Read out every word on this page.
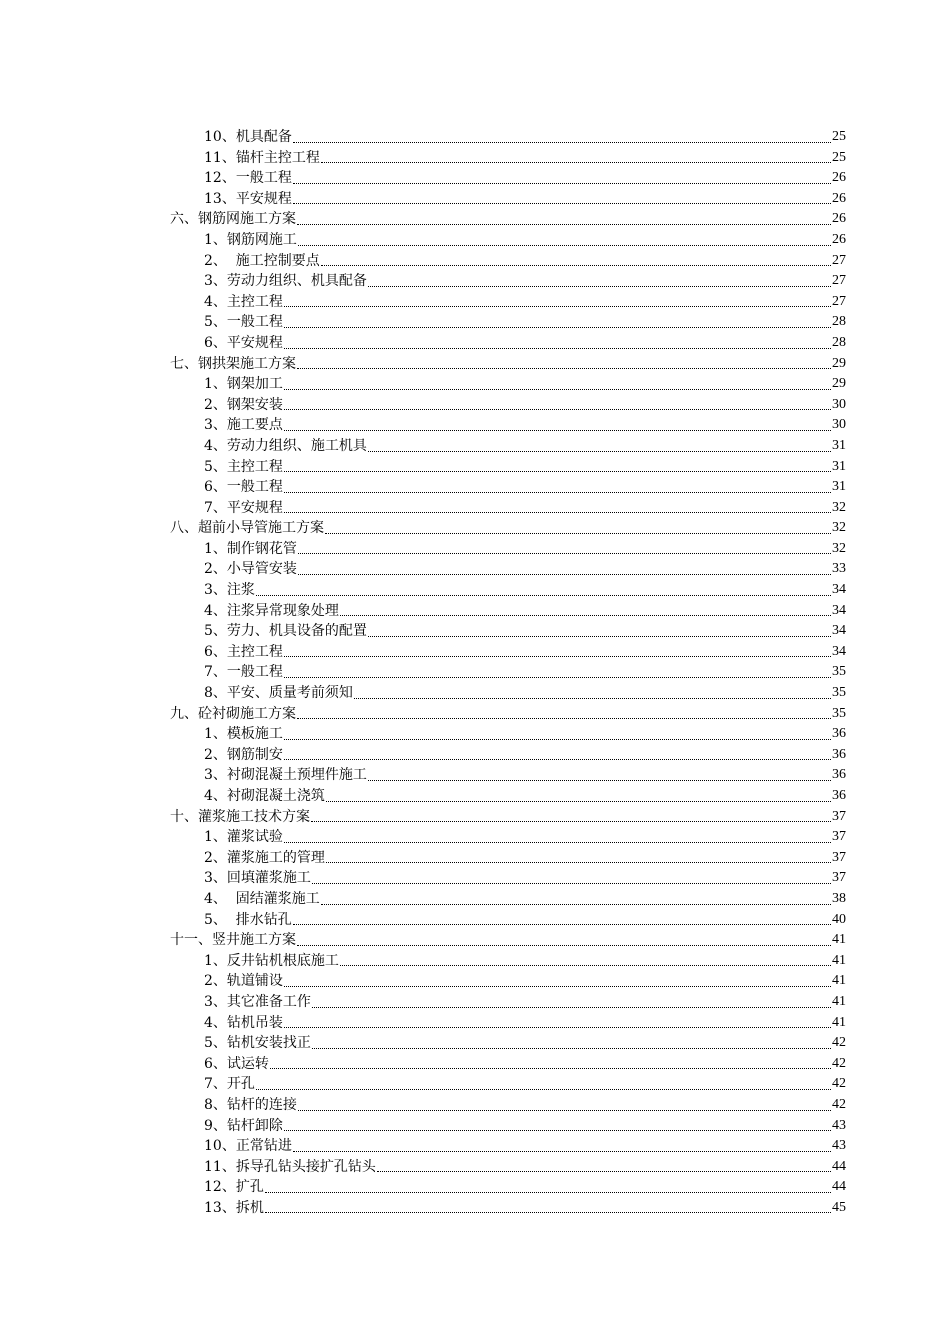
10、机具配备	25
11、锚杆主控工程	25
12、一般工程	26
13、平安规程	26
六、钢筋网施工方案	26
1、钢筋网施工	26
2、  施工控制要点	27
3、劳动力组织、机具配备	27
4、主控工程	27
5、一般工程	28
6、平安规程	28
七、钢拱架施工方案	29
1、钢架加工	29
2、钢架安装	30
3、施工要点	30
4、劳动力组织、施工机具	31
5、主控工程	31
6、一般工程	31
7、平安规程	32
八、超前小导管施工方案	32
1、制作钢花管	32
2、小导管安装	33
3、注浆	34
4、注浆异常现象处理	34
5、劳力、机具设备的配置	34
6、主控工程	34
7、一般工程	35
8、平安、质量考前须知	35
九、砼衬砌施工方案	35
1、模板施工	36
2、钢筋制安	36
3、衬砌混凝土预埋件施工	36
4、衬砌混凝土浇筑	36
十、灌浆施工技术方案	37
1、灌浆试验	37
2、灌浆施工的管理	37
3、回填灌浆施工	37
4、  固结灌浆施工	38
5、  排水钻孔	40
十一、竖井施工方案	41
1、反井钻机根底施工	41
2、轨道铺设	41
3、其它准备工作	41
4、钻机吊装	41
5、钻机安装找正	42
6、试运转	42
7、开孔	42
8、钻杆的连接	42
9、钻杆卸除	43
10、正常钻进	43
11、拆导孔钻头接扩孔钻头	44
12、扩孔	44
13、拆机	45
